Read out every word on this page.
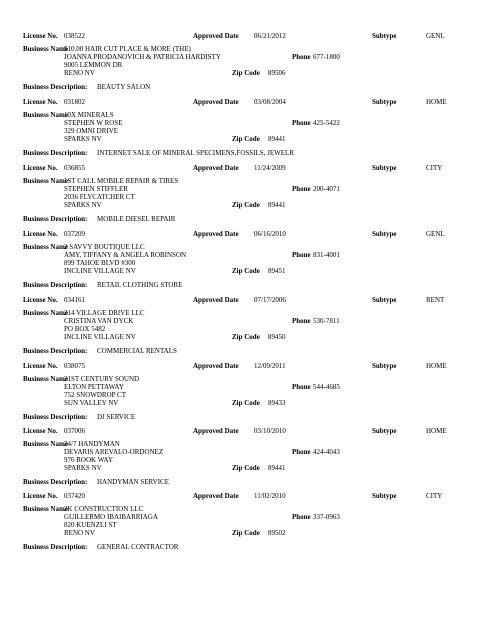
License No. 038522	Approved Date 06/21/2012	Subtype	GENL
Business Name
$10.00 HAIR CUT PLACE & MORE (THE)
JOANNA PRODANOVICH & PATRICIA HARDISTY
9005 LEMMON DR
RENO NV
Phone 677-1800
Zip Code 89506
Business Description: BEAUTY SALON
License No. 031802	Approved Date 03/08/2004	Subtype	HOME
Business Name
10X MINERALS
STEPHEN W ROSE
329 OMNI DRIVE
SPARKS NV
Phone 425-5422
Zip Code 89441
Business Description: INTERNET SALE OF MINERAL SPECIMENS,FOSSILS, JEWELR
License No. 036855	Approved Date 11/24/2009	Subtype	CITY
Business Name
1ST CALL MOBILE REPAIR & TIRES
STEPHEN STIFFLER
2036 FLYCATCHER CT
SPARKS NV
Phone 200-4071
Zip Code 89441
Business Description: MOBILE DIESEL REPAIR
License No. 037209	Approved Date 06/16/2010	Subtype	GENL
Business Name
2 SAVVY BOUTIQUE LLC
AMY, TIFFANY & ANGELA ROBINSON
899 TAHOE BLVD #300
INCLINE VILLAGE NV
Phone 831-4001
Zip Code 89451
Business Description: RETAIL CLOTHING STORE
License No. 034161	Approved Date 07/17/2006	Subtype	RENT
Business Name
214 VILLAGE DRIVE LLC
CRISTINA VAN DYCK
PO BOX 5482
INCLINE VILLAGE NV
Phone 530-7811
Zip Code 89450
Business Description: COMMERCIAL RENTALS
License No. 038075	Approved Date 12/09/2011	Subtype	HOME
Business Name
21ST CENTURY SOUND
ELTON PETTAWAY
752 SNOWDROP CT
SUN VALLEY NV
Phone 544-4685
Zip Code 89433
Business Description: DJ SERVICE
License No. 037006	Approved Date 03/10/2010	Subtype	HOME
Business Name
24/7 HANDYMAN
DEVARIS AREVALO-ORDONEZ
976 ROOK WAY
SPARKS NV
Phone 424-4043
Zip Code 89441
Business Description: HANDYMAN SERVICE
License No. 037420	Approved Date 11/02/2010	Subtype	CITY
Business Name
2K CONSTRUCTION LLC
GUILLERMO IBAIBARRIAGA
820 KUENZLI ST
RENO NV
Phone 337-0963
Zip Code 89502
Business Description: GENERAL CONTRACTOR
